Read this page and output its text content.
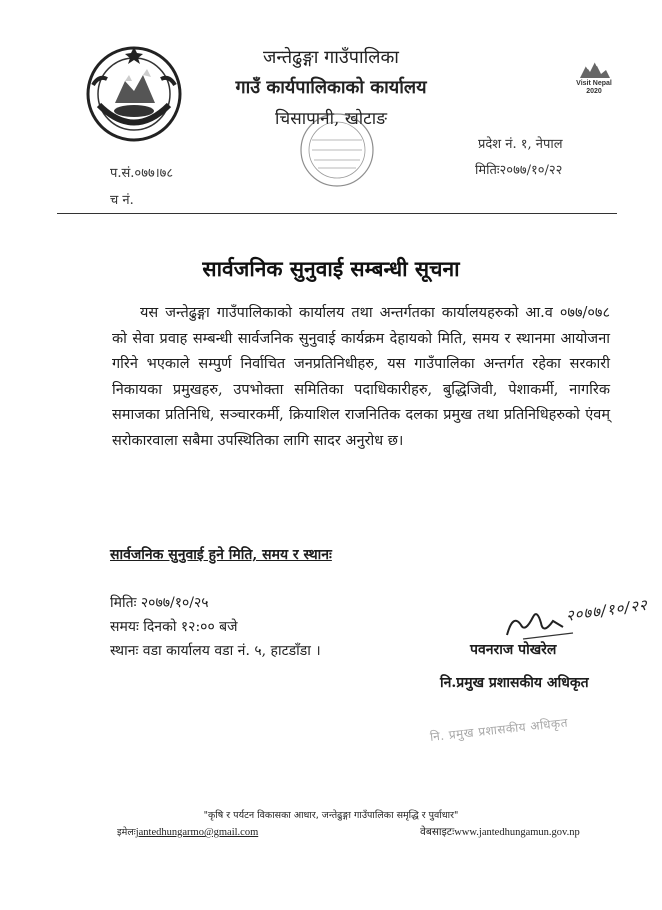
जन्तेढुङ्गा गाउँपालिका
गाउँ कार्यपालिकाको कार्यालय
चिसापानी, खोटाङ
Visit Nepal 2020
प्रदेश नं. १, नेपाल
मितिः२०७७/१०/२२
प.सं.०७७।७८
च नं.
सार्वजनिक सुनुवाई सम्बन्धी सूचना
यस जन्तेढुङ्गा गाउँपालिकाको कार्यालय तथा अन्तर्गतका कार्यालयहरुको आ.व ०७७/०७८ को सेवा प्रवाह सम्बन्धी सार्वजनिक सुनुवाई कार्यक्रम देहायको मिति, समय र स्थानमा आयोजना गरिने भएकाले सम्पुर्ण निर्वाचित जनप्रतिनिधीहरु, यस गाउँपालिका अन्तर्गत रहेका सरकारी निकायका प्रमुखहरु, उपभोक्ता समितिका पदाधिकारीहरु, बुद्धिजिवी, पेशाकर्मी, नागरिक समाजका प्रतिनिधि, सञ्चारकर्मी, क्रियाशिल राजनितिक दलका प्रमुख तथा प्रतिनिधिहरुको एंवम् सरोकारवाला सबैमा उपस्थितिका लागि सादर अनुरोध छ।
सार्वजनिक सुनुवाई हुने मिति, समय र स्थानः
मितिः २०७७/१०/२५
समयः दिनको १२:०० बजे
स्थानः वडा कार्यालय वडा नं. ५, हाटडाँडा ।
२०७७/१०/२२
पवनराज पोखरेल
नि.प्रमुख प्रशासकीय अधिकृत
नि. प्रमुख प्रशासकीय अधिकृत
"कृषि र पर्यटन विकासका आधार, जन्तेढुङ्गा गाउँपालिका समृद्धि र पुर्वाधार"
इमेलःjantedhungarmo@gmail.com	वेबसाइटःwww.jantedhungamun.gov.np
